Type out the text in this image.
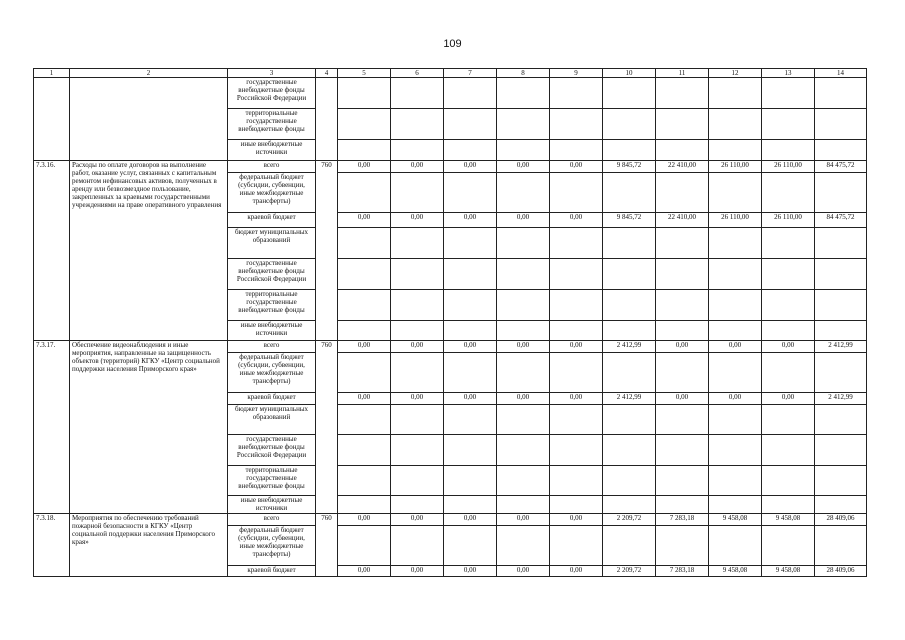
109
1	2	3	4	5	6	7	8	9	10	11	12	13	14
		государственные внебюджетные фонды Российской Федерации											
		территориальные государственные внебюджетные фонды											
		иные внебюджетные источники											
7.3.16.	Расходы по оплате договоров на выполнение работ, оказание услуг, связанных с капитальным ремонтом нефинансовых активов, полученных в аренду или безвозмездное пользование, закрепленных за краевыми государственными учреждениями на праве оперативного управления	всего	760	0,00	0,00	0,00	0,00	0,00	9 845,72	22 410,00	26 110,00	26 110,00	84 475,72
		федеральный бюджет (субсидии, субвенции, иные межбюджетные трансферты)											
		краевой бюджет		0,00	0,00	0,00	0,00	0,00	9 845,72	22 410,00	26 110,00	26 110,00	84 475,72
		бюджет муниципальных образований											
		государственные внебюджетные фонды Российской Федерации											
		территориальные государственные внебюджетные фонды											
		иные внебюджетные источники											
7.3.17.	Обеспечение видеонаблюдения и иные мероприятия, направленные на защищенность объектов (территорий) КГКУ «Центр социальной поддержки населения Приморского края»	всего	760	0,00	0,00	0,00	0,00	0,00	2 412,99	0,00	0,00	0,00	2 412,99
		федеральный бюджет (субсидии, субвенции, иные межбюджетные трансферты)											
		краевой бюджет		0,00	0,00	0,00	0,00	0,00	2 412,99	0,00	0,00	0,00	2 412,99
		бюджет муниципальных образований											
		государственные внебюджетные фонды Российской Федерации											
		территориальные государственные внебюджетные фонды											
		иные внебюджетные источники											
7.3.18.	Мероприятия по обеспечению требований пожарной безопасности в КГКУ «Центр социальной поддержки населения Приморского края»	всего	760	0,00	0,00	0,00	0,00	0,00	2 209,72	7 283,18	9 458,08	9 458,08	28 409,06
		федеральный бюджет (субсидии, субвенции, иные межбюджетные трансферты)											
		краевой бюджет		0,00	0,00	0,00	0,00	0,00	2 209,72	7 283,18	9 458,08	9 458,08	28 409,06
